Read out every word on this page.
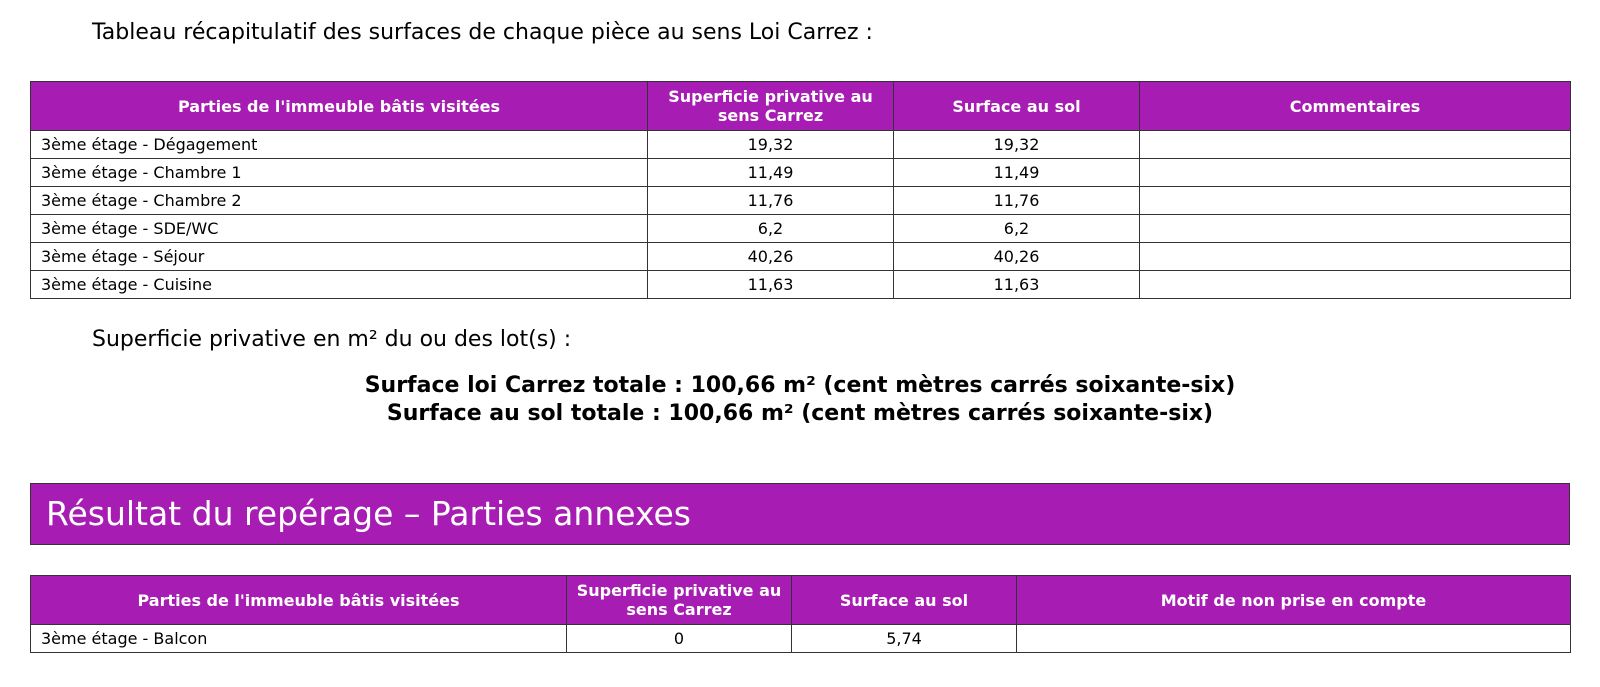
Tableau récapitulatif des surfaces de chaque pièce au sens Loi Carrez :
Parties de l'immeuble bâtis visitées	Superficie privative au sens Carrez	Surface au sol	Commentaires
3ème étage - Dégagement	19,32	19,32	
3ème étage - Chambre 1	11,49	11,49	
3ème étage - Chambre 2	11,76	11,76	
3ème étage - SDE/WC	6,2	6,2	
3ème étage - Séjour	40,26	40,26	
3ème étage - Cuisine	11,63	11,63	
Superficie privative en m² du ou des lot(s) :
Surface loi Carrez totale : 100,66 m² (cent mètres carrés soixante-six)
Surface au sol totale : 100,66 m² (cent mètres carrés soixante-six)
Résultat du repérage – Parties annexes
Parties de l'immeuble bâtis visitées	Superficie privative au sens Carrez	Surface au sol	Motif de non prise en compte
3ème étage - Balcon	0	5,74	
